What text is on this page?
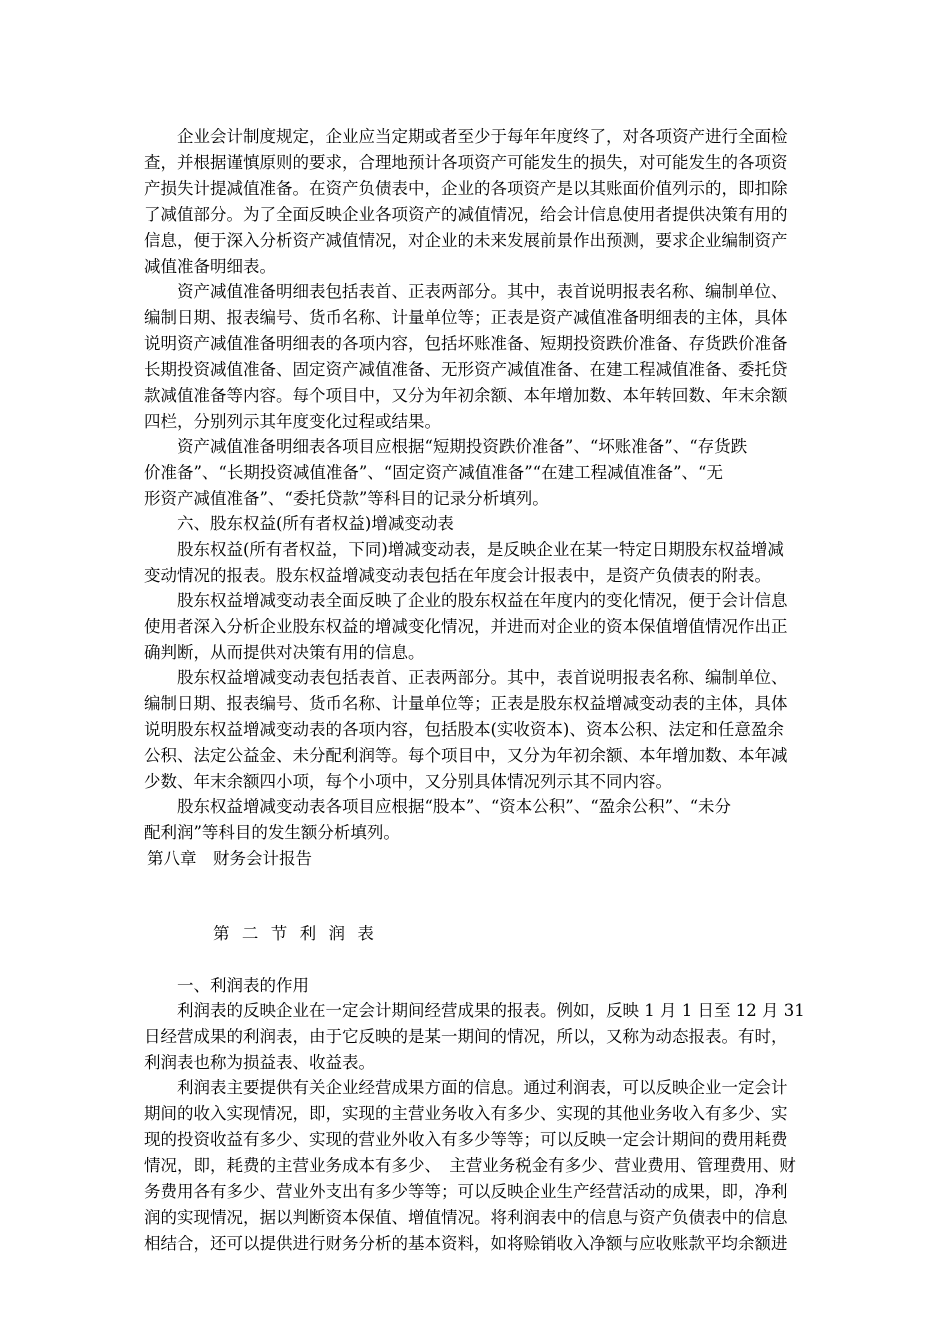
企业会计制度规定，企业应当定期或者至少于每年年度终了，对各项资产进行全面检
查，并根据谨慎原则的要求，合理地预计各项资产可能发生的损失，对可能发生的各项资
产损失计提减值准备。在资产负债表中，企业的各项资产是以其账面价值列示的，即扣除
了减值部分。为了全面反映企业各项资产的减值情况，给会计信息使用者提供决策有用的
信息，便于深入分析资产减值情况，对企业的未来发展前景作出预测，要求企业编制资产
减值准备明细表。
资产减值准备明细表包括表首、正表两部分。其中，表首说明报表名称、编制单位、
编制日期、报表编号、货币名称、计量单位等；正表是资产减值准备明细表的主体，具体
说明资产减值准备明细表的各项内容，包括坏账准备、短期投资跌价准备、存货跌价准备
长期投资减值准备、固定资产减值准备、无形资产减值准备、在建工程减值准备、委托贷
款减值准备等内容。每个项目中，又分为年初余额、本年增加数、本年转回数、年末余额
四栏，分别列示其年度变化过程或结果。
资产减值准备明细表各项目应根据“短期投资跌价准备”、“坏账准备”、“存货跌
价准备”、“长期投资减值准备”、“固定资产减值准备”“在建工程减值准备”、“无
形资产减值准备”、“委托贷款”等科目的记录分析填列。
六、股东权益(所有者权益)增减变动表
股东权益(所有者权益，下同)增减变动表，是反映企业在某一特定日期股东权益增减
变动情况的报表。股东权益增减变动表包括在年度会计报表中，是资产负债表的附表。
股东权益增减变动表全面反映了企业的股东权益在年度内的变化情况，便于会计信息
使用者深入分析企业股东权益的增减变化情况，并进而对企业的资本保值增值情况作出正
确判断，从而提供对决策有用的信息。
股东权益增减变动表包括表首、正表两部分。其中，表首说明报表名称、编制单位、
编制日期、报表编号、货币名称、计量单位等；正表是股东权益增减变动表的主体，具体
说明股东权益增减变动表的各项内容，包括股本(实收资本)、资本公积、法定和任意盈余
公积、法定公益金、未分配利润等。每个项目中，又分为年初余额、本年增加数、本年减
少数、年末余额四小项，每个小项中，又分别具体情况列示其不同内容。
股东权益增减变动表各项目应根据“股本”、“资本公积”、“盈余公积”、“未分
配利润”等科目的发生额分析填列。
第八章　财务会计报告
第二节利润表
一、利润表的作用
利润表的反映企业在一定会计期间经营成果的报表。例如，反映 1 月 1 日至 12 月 31
日经营成果的利润表，由于它反映的是某一期间的情况，所以，又称为动态报表。有时，
利润表也称为损益表、收益表。
利润表主要提供有关企业经营成果方面的信息。通过利润表，可以反映企业一定会计
期间的收入实现情况，即，实现的主营业务收入有多少、实现的其他业务收入有多少、实
现的投资收益有多少、实现的营业外收入有多少等等；可以反映一定会计期间的费用耗费
情况，即，耗费的主营业务成本有多少、　主营业务税金有多少、营业费用、管理费用、财
务费用各有多少、营业外支出有多少等等；可以反映企业生产经营活动的成果，即，净利
润的实现情况，据以判断资本保值、增值情况。将利润表中的信息与资产负债表中的信息
相结合，还可以提供进行财务分析的基本资料，如将赊销收入净额与应收账款平均余额进
